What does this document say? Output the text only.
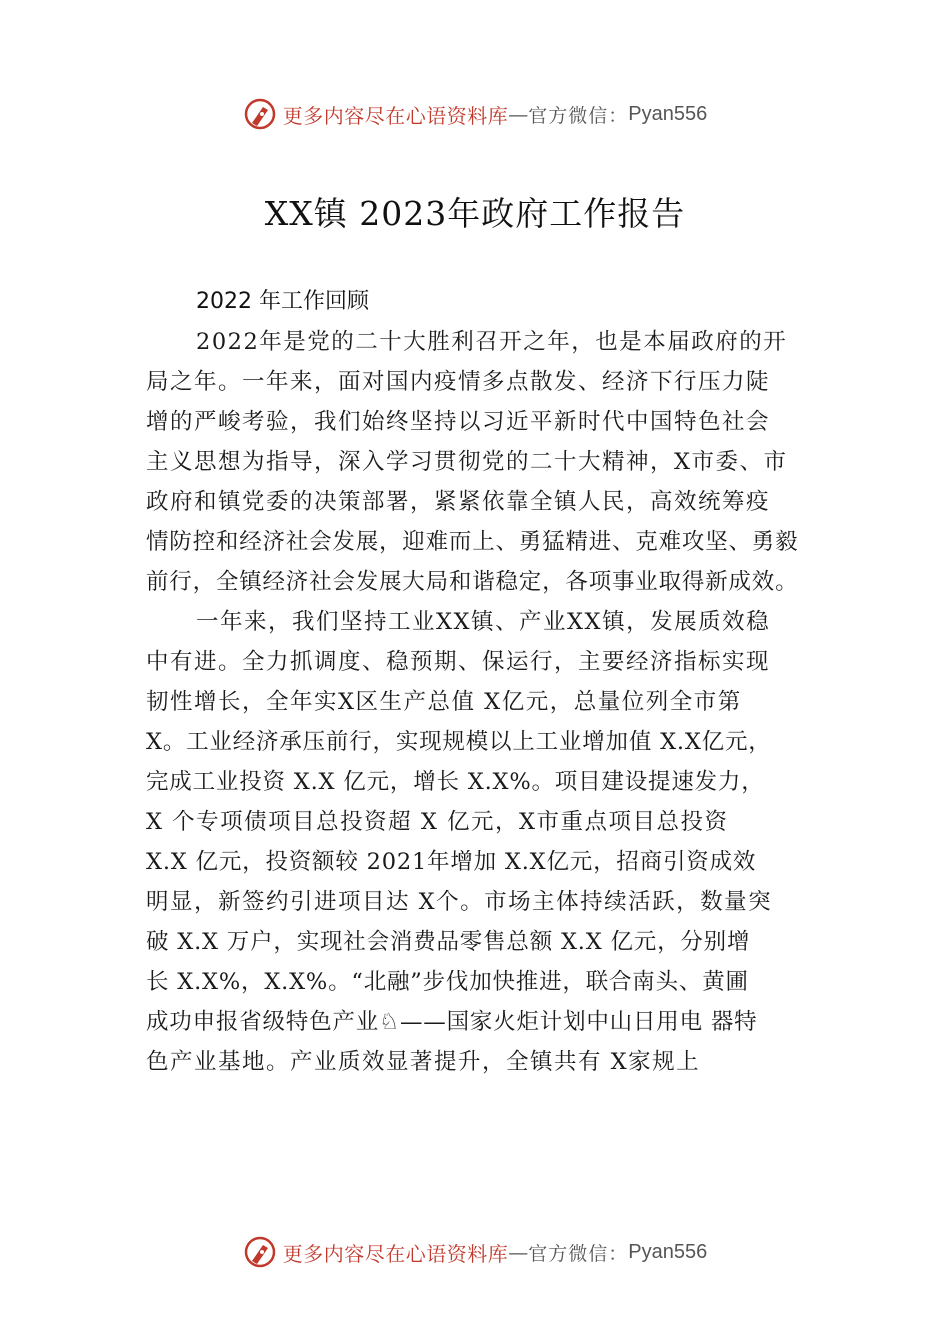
更多内容尽在心语资料库 — 官方微信： Pyan556
XX镇 2023年政府工作报告
2022 年工作回顾
2022年是党的二十大胜利召开之年，也是本届政府的开
局之年。一年来，面对国内疫情多点散发、经济下行压力陡
增的严峻考验，我们始终坚持以习近平新时代中国特色社会
主义思想为指导，深入学习贯彻党的二十大精神，X市委、市
政府和镇党委的决策部署，紧紧依靠全镇人民，高效统筹疫
情防控和经济社会发展，迎难而上、勇猛精进、克难攻坚、勇毅
前行，全镇经济社会发展大局和谐稳定，各项事业取得新成效。
一年来，我们坚持工业XX镇、产业XX镇，发展质效稳
中有进。全力抓调度、稳预期、保运行，主要经济指标实现
韧性增长，全年实X区生产总值 X亿元，总量位列全市第
X。工业经济承压前行，实现规模以上工业增加值 X.X亿元，
完成工业投资 X.X 亿元，增长 X.X%。项目建设提速发力，
X 个专项债项目总投资超 X 亿元，X市重点项目总投资
X.X 亿元，投资额较 2021年增加 X.X亿元，招商引资成效
明显，新签约引进项目达 X个。市场主体持续活跃，数量突
破 X.X 万户，实现社会消费品零售总额 X.X 亿元，分别增
长 X.X%，X.X%。“北融”步伐加快推进，联合南头、黄圃
成功申报省级特色产业♘——国家火炬计划中山日用电 器特
色产业基地。产业质效显著提升，全镇共有 X家规上
更多内容尽在心语资料库 — 官方微信： Pyan556
